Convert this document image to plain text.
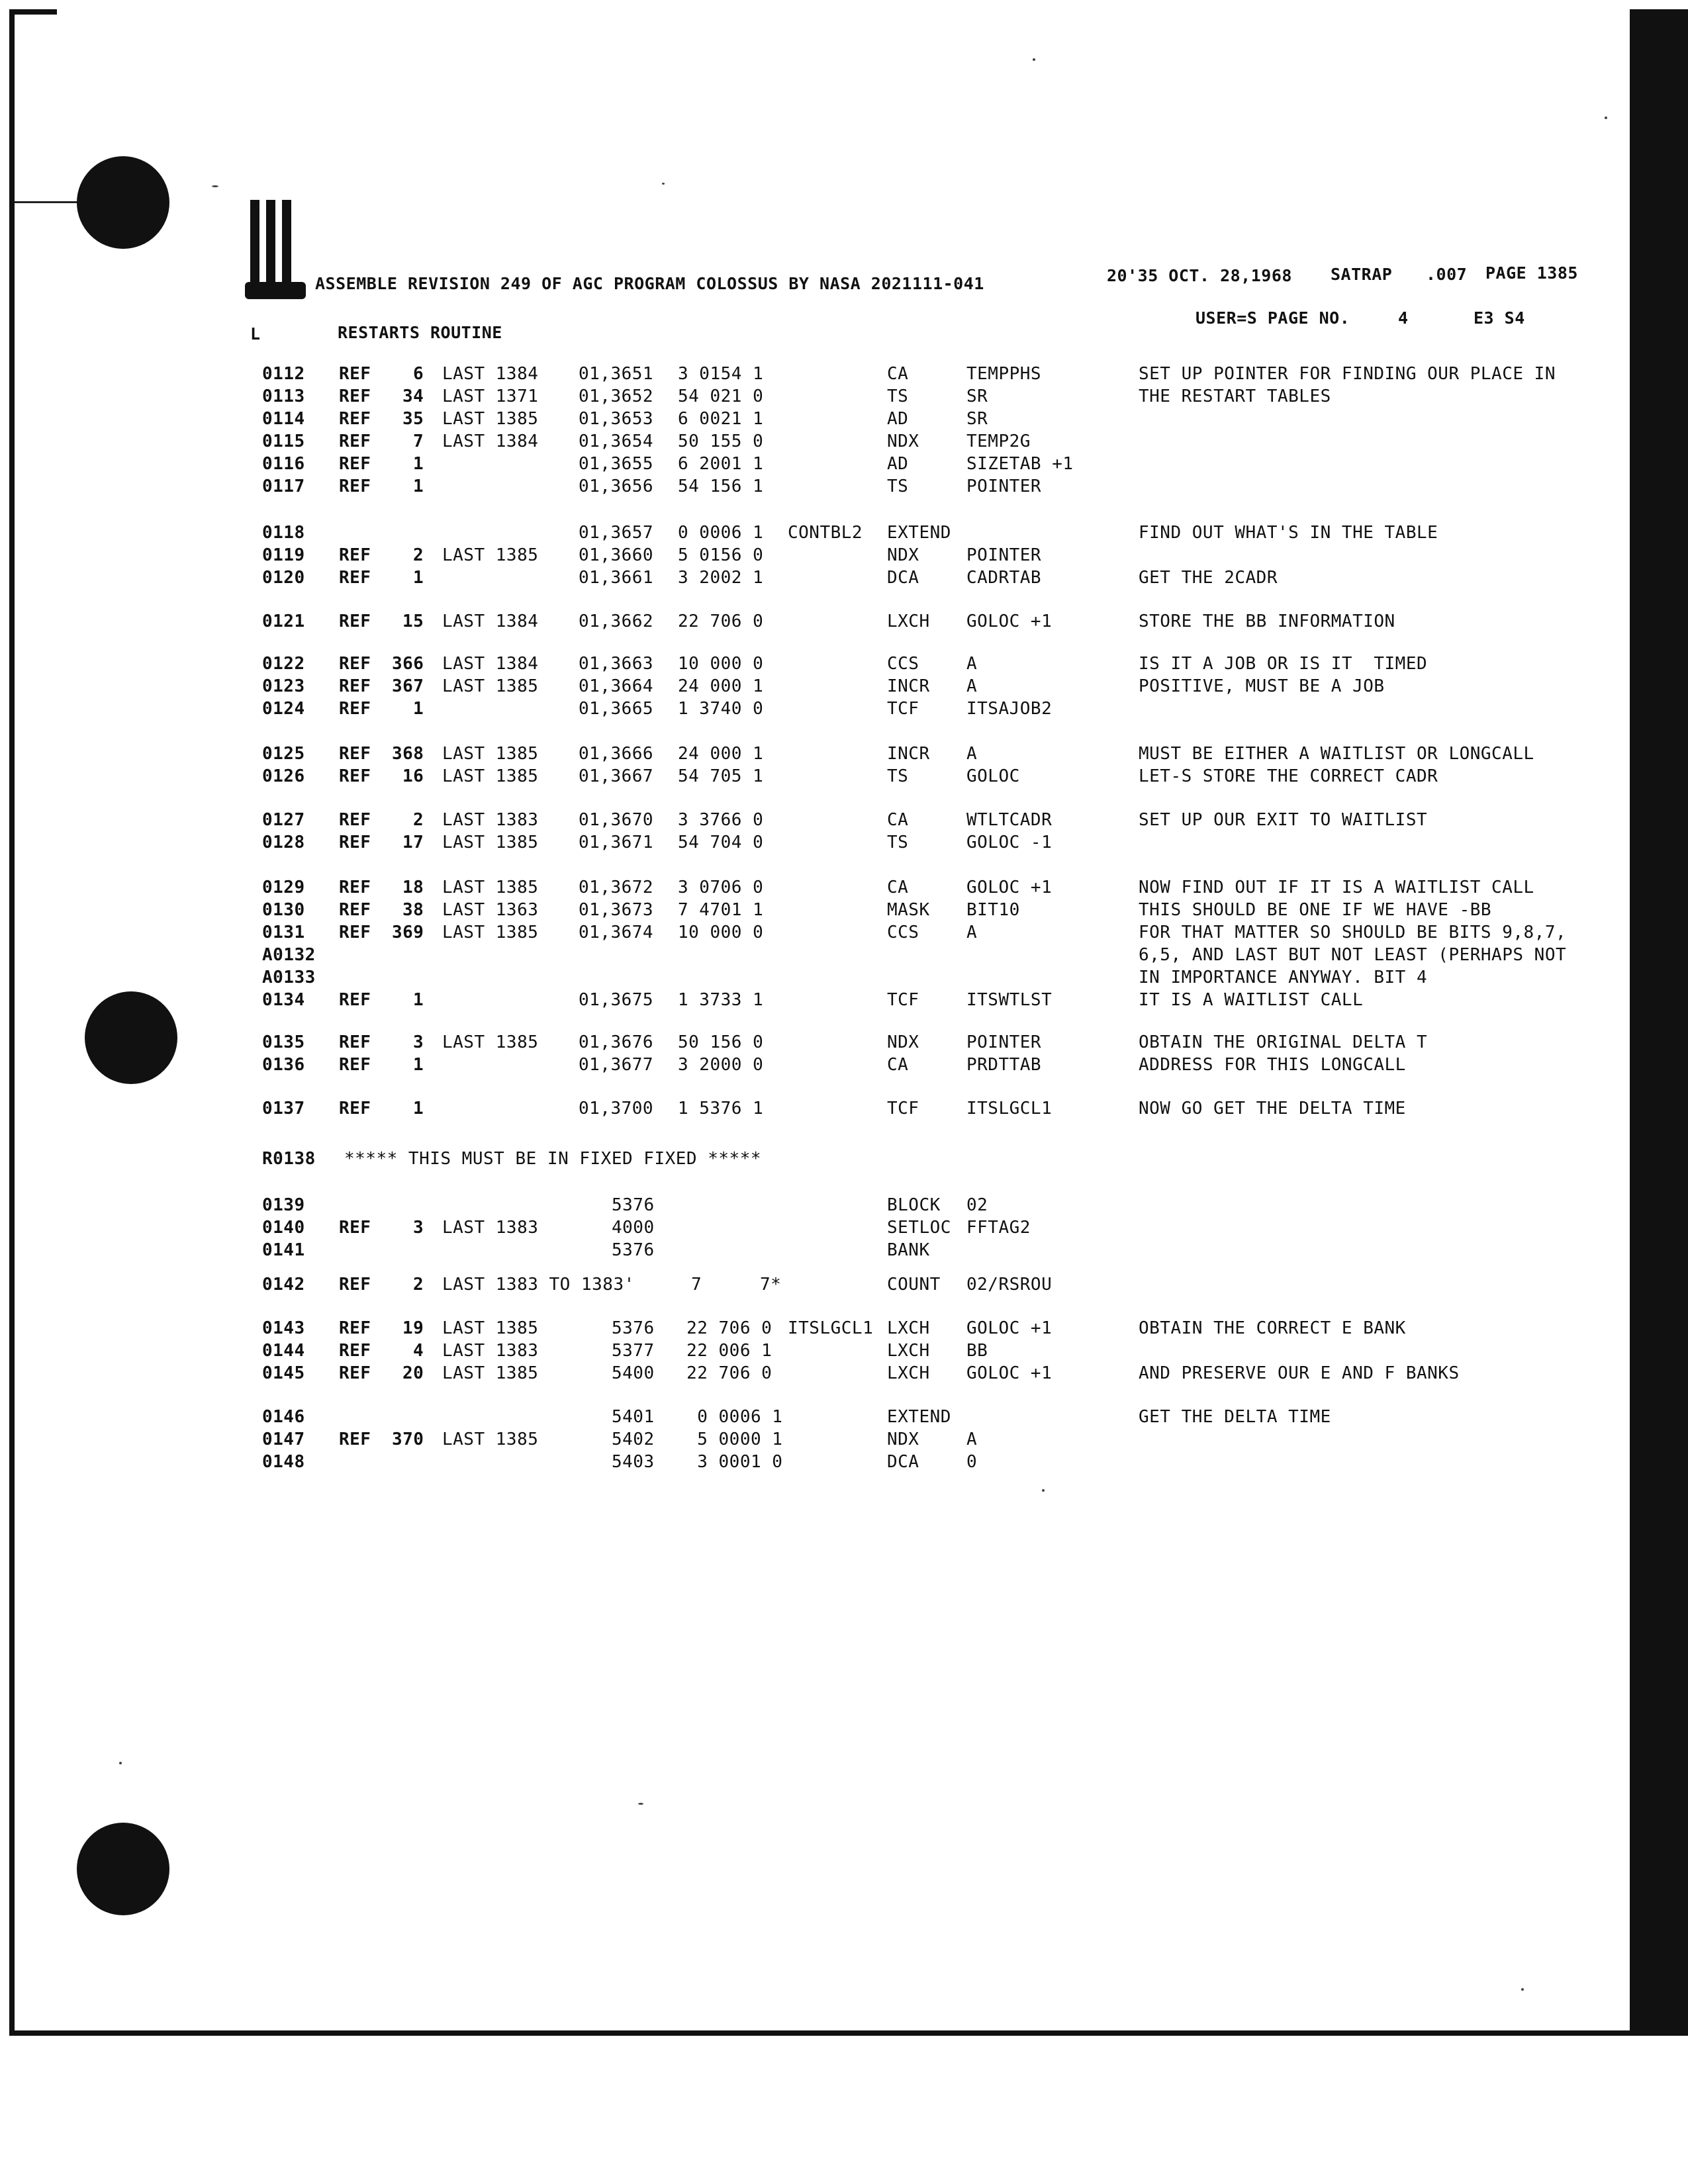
ASSEMBLE REVISION 249 OF AGC PROGRAM COLOSSUS BY NASA 2021111-041	20'35 OCT. 28,1968 SATRAP .007 PAGE 1385
L	RESTARTS ROUTINE
USER=S PAGE NO.	4	E3 S4
0112 REF 6 LAST 1384 01,3651 3 0154 1	CA	TEMPPHS	SET UP POINTER FOR FINDING OUR PLACE IN
0113 REF 34 LAST 1371 01,3652 54 021 0	TS	SR	THE RESTART TABLES
0114 REF 35 LAST 1385 01,3653 6 0021 1	AD	SR
0115 REF 7 LAST 1384 01,3654 50 155 0	NDX	TEMP2G
0116 REF 1	01,3655 6 2001 1	AD	SIZETAB +1
0117 REF 1	01,3656 54 156 1	TS	POINTER
0118	01,3657 0 0006 1 CONTBL2 EXTEND	FIND OUT WHAT'S IN THE TABLE
0119 REF 2 LAST 1385 01,3660 5 0156 0	NDX	POINTER
0120 REF 1	01,3661 3 2002 1	DCA	CADRTAB	GET THE 2CADR
0121 REF 15 LAST 1384 01,3662 22 706 0	LXCH GOLOC +1	STORE THE BB INFORMATION
0122 REF 366 LAST 1384 01,3663 10 000 0	CCS	A	IS IT A JOB OR IS IT  TIMED
0123 REF 367 LAST 1385 01,3664 24 000 1	INCR A	POSITIVE, MUST BE A JOB
0124 REF 1	01,3665 1 3740 0	TCF	ITSAJOB2
0125 REF 368 LAST 1385 01,3666 24 000 1	INCR A	MUST BE EITHER A WAITLIST OR LONGCALL
0126 REF 16 LAST 1385 01,3667 54 705 1	TS	GOLOC	LET-S STORE THE CORRECT CADR
0127 REF 2 LAST 1383 01,3670 3 3766 0	CA	WTLTCADR	SET UP OUR EXIT TO WAITLIST
0128 REF 17 LAST 1385 01,3671 54 704 0	TS	GOLOC -1
0129 REF 18 LAST 1385 01,3672 3 0706 0	CA	GOLOC +1	NOW FIND OUT IF IT IS A WAITLIST CALL
0130 REF 38 LAST 1363 01,3673 7 4701 1	MASK BIT10	THIS SHOULD BE ONE IF WE HAVE -BB
0131 REF 369 LAST 1385 01,3674 10 000 0	CCS	A	FOR THAT MATTER SO SHOULD BE BITS 9,8,7,
A0132	6,5, AND LAST BUT NOT LEAST (PERHAPS NOT
A0133	IN IMPORTANCE ANYWAY. BIT 4
0134 REF 1	01,3675 1 3733 1	TCF	ITSWTLST	IT IS A WAITLIST CALL
0135 REF 3 LAST 1385 01,3676 50 156 0	NDX	POINTER	OBTAIN THE ORIGINAL DELTA T
0136 REF 1	01,3677 3 2000 0	CA	PRDTTAB	ADDRESS FOR THIS LONGCALL
0137 REF 1	01,3700 1 5376 1	TCF	ITSLGCL1	NOW GO GET THE DELTA TIME
R0138 ***** THIS MUST BE IN FIXED FIXED *****
0139	5376	BLOCK 02
0140 REF 3 LAST 1383	4000	SETLOC FFTAG2
0141	5376	BANK
0142 REF 2 LAST 1383 TO 1383'	7	7*	COUNT 02/RSROU
0143 REF 19 LAST 1385	5376   22 706 0 ITSLGCL1 LXCH GOLOC +1	OBTAIN THE CORRECT E BANK
0144 REF 4 LAST 1383	5377   22 006 1	LXCH BB
0145 REF 20 LAST 1385	5400   22 706 0	LXCH GOLOC +1	AND PRESERVE OUR E AND F BANKS
0146	5401    0 0006 1	EXTEND	GET THE DELTA TIME
0147 REF 370 LAST 1385	5402    5 0000 1	NDX	A
0148	5403    3 0001 0	DCA	0
